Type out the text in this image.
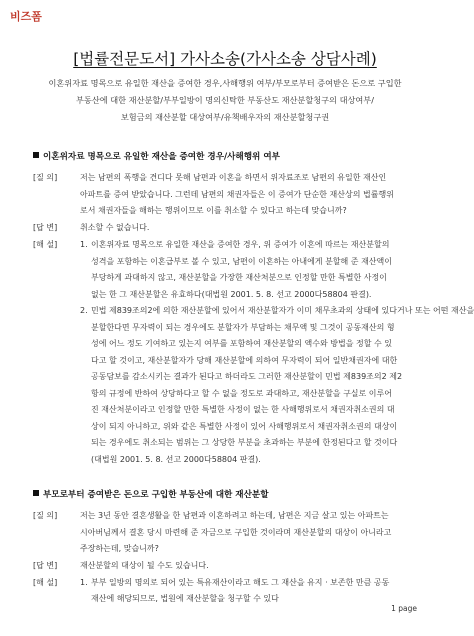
비즈폼
[법률전문도서] 가사소송(가사소송 상담사례)
이혼위자료 명목으로 유일한 재산을 증여한 경우,사해행위 여부/부모로부터 증여받은 돈으로 구입한
부동산에 대한 재산분할/부부일방이 명의신탁한 부동산도 재산분할청구의 대상여부/
보험금의 재산분할 대상여부/유책배우자의 재산분할청구권
이혼위자료 명목으로 유일한 재산을 증여한 경우/사해행위 여부
[질 의]	저는 남편의 폭행을 견디다 못해 남편과 이혼을 하면서 위자료조로 남편의 유일한 재산인
아파트를 증여 받았습니다. 그런데 남편의 채권자들은 이 증여가 단순한 재산상의 법률행위
로서 채권자들을 해하는 행위이므로 이를 취소할 수 있다고 하는데 맞습니까?
[답 변]	취소할 수 없습니다.
[해 설]	1. 이혼위자료 명목으로 유일한 재산을 증여한 경우, 위 증여가 이혼에 따르는 재산분할의
성격을 포함하는 이혼급부로 볼 수 있고, 남편이 이혼하는 아내에게 분할해 준 재산액이
부당하게 과대하지 않고, 재산분할을 가장한 재산처분으로 인정할 만한 특별한 사정이
없는 한 그 재산분할은 유효하다(대법원 2001. 5. 8. 선고 2000다58804 판결).
2. 민법 제839조의2에 의한 재산분할에 있어서 재산분할자가 이미 채무초과의 상태에 있다거나 또는 어떤 재산을
분할한다면 무자력이 되는 경우에도 분할자가 부담하는 채무액 및 그것이 공동재산의 형
성에 어느 정도 기여하고 있는지 여부를 포함하여 재산분할의 액수와 방법을 정할 수 있
다고 할 것이고, 재산분할자가 당해 재산분할에 의하여 무자력이 되어 일반채권자에 대한
공동담보를 감소시키는 결과가 된다고 하더라도 그러한 재산분할이 민법 제839조의2 제2
항의 규정에 반하여 상당하다고 할 수 없을 정도로 과대하고, 재산분할을 구실로 이루어
진 재산처분이라고 인정할 만한 특별한 사정이 없는 한 사해행위로서 채권자취소권의 대
상이 되지 아니하고, 위와 같은 특별한 사정이 있어 사해행위로서 채권자취소권의 대상이
되는 경우에도 취소되는 범위는 그 상당한 부분을 초과하는 부분에 한정된다고 할 것이다
(대법원 2001. 5. 8. 선고 2000다58804 판결).
부모로부터 증여받은 돈으로 구입한 부동산에 대한 재산분할
[질 의]	저는 3년 동안 결혼생활을 한 남편과 이혼하려고 하는데, 남편은 지금 살고 있는 아파트는
시아버님께서 결혼 당시 마련해 준 자금으로 구입한 것이라며 재산분할의 대상이 아니라고
주장하는데, 맞습니까?
[답 변]	재산분할의 대상이 될 수도 있습니다.
[해 설]	1. 부부 일방의 명의로 되어 있는 특유재산이라고 해도 그 재산을 유지 · 보존한 만큼 공동
재산에 해당되므로, 법원에 재산분할을 청구할 수 있다
1 page
